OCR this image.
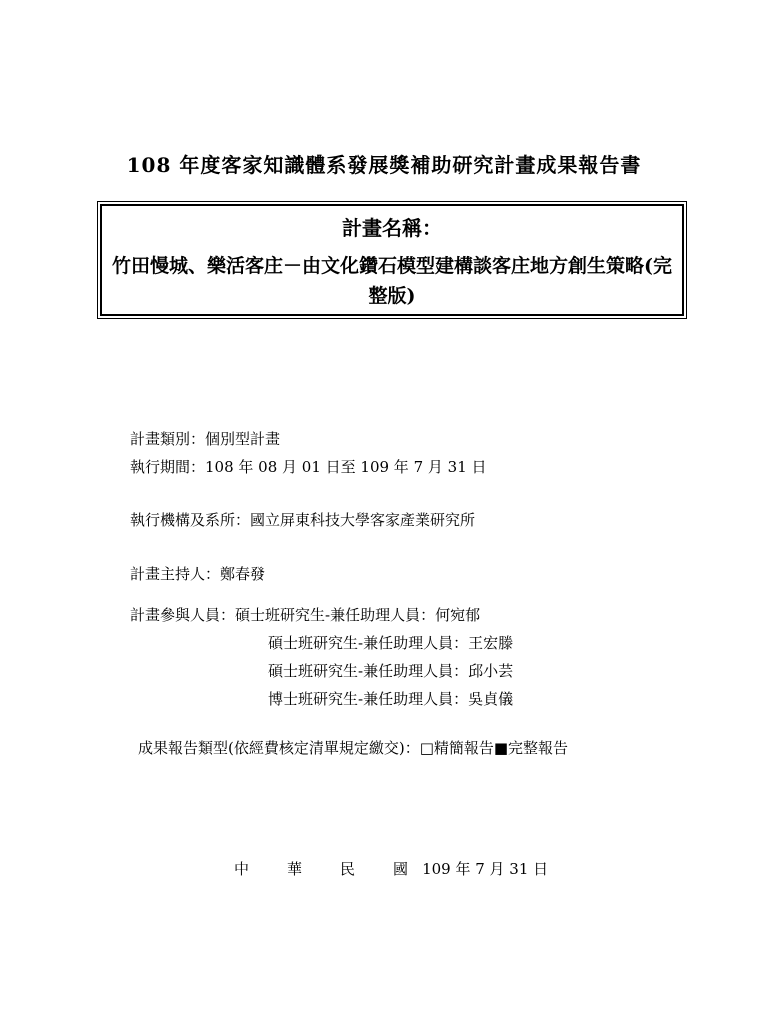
108 年度客家知識體系發展獎補助研究計畫成果報告書
計畫名稱：
竹田慢城、樂活客庄－由文化鑽石模型建構談客庄地方創生策略(完整版)
計畫類別：個別型計畫
執行期間：108 年 08 月 01 日至 109 年 7 月 31 日
執行機構及系所：國立屏東科技大學客家產業研究所
計畫主持人：鄭春發
計畫參與人員：碩士班研究生-兼任助理人員：何宛郁
碩士班研究生-兼任助理人員：王宏滕
碩士班研究生-兼任助理人員：邱小芸
博士班研究生-兼任助理人員：吳貞儀
成果報告類型(依經費核定清單規定繳交)：□精簡報告■完整報告
中	華	民	國 109 年 7 月 31 日
